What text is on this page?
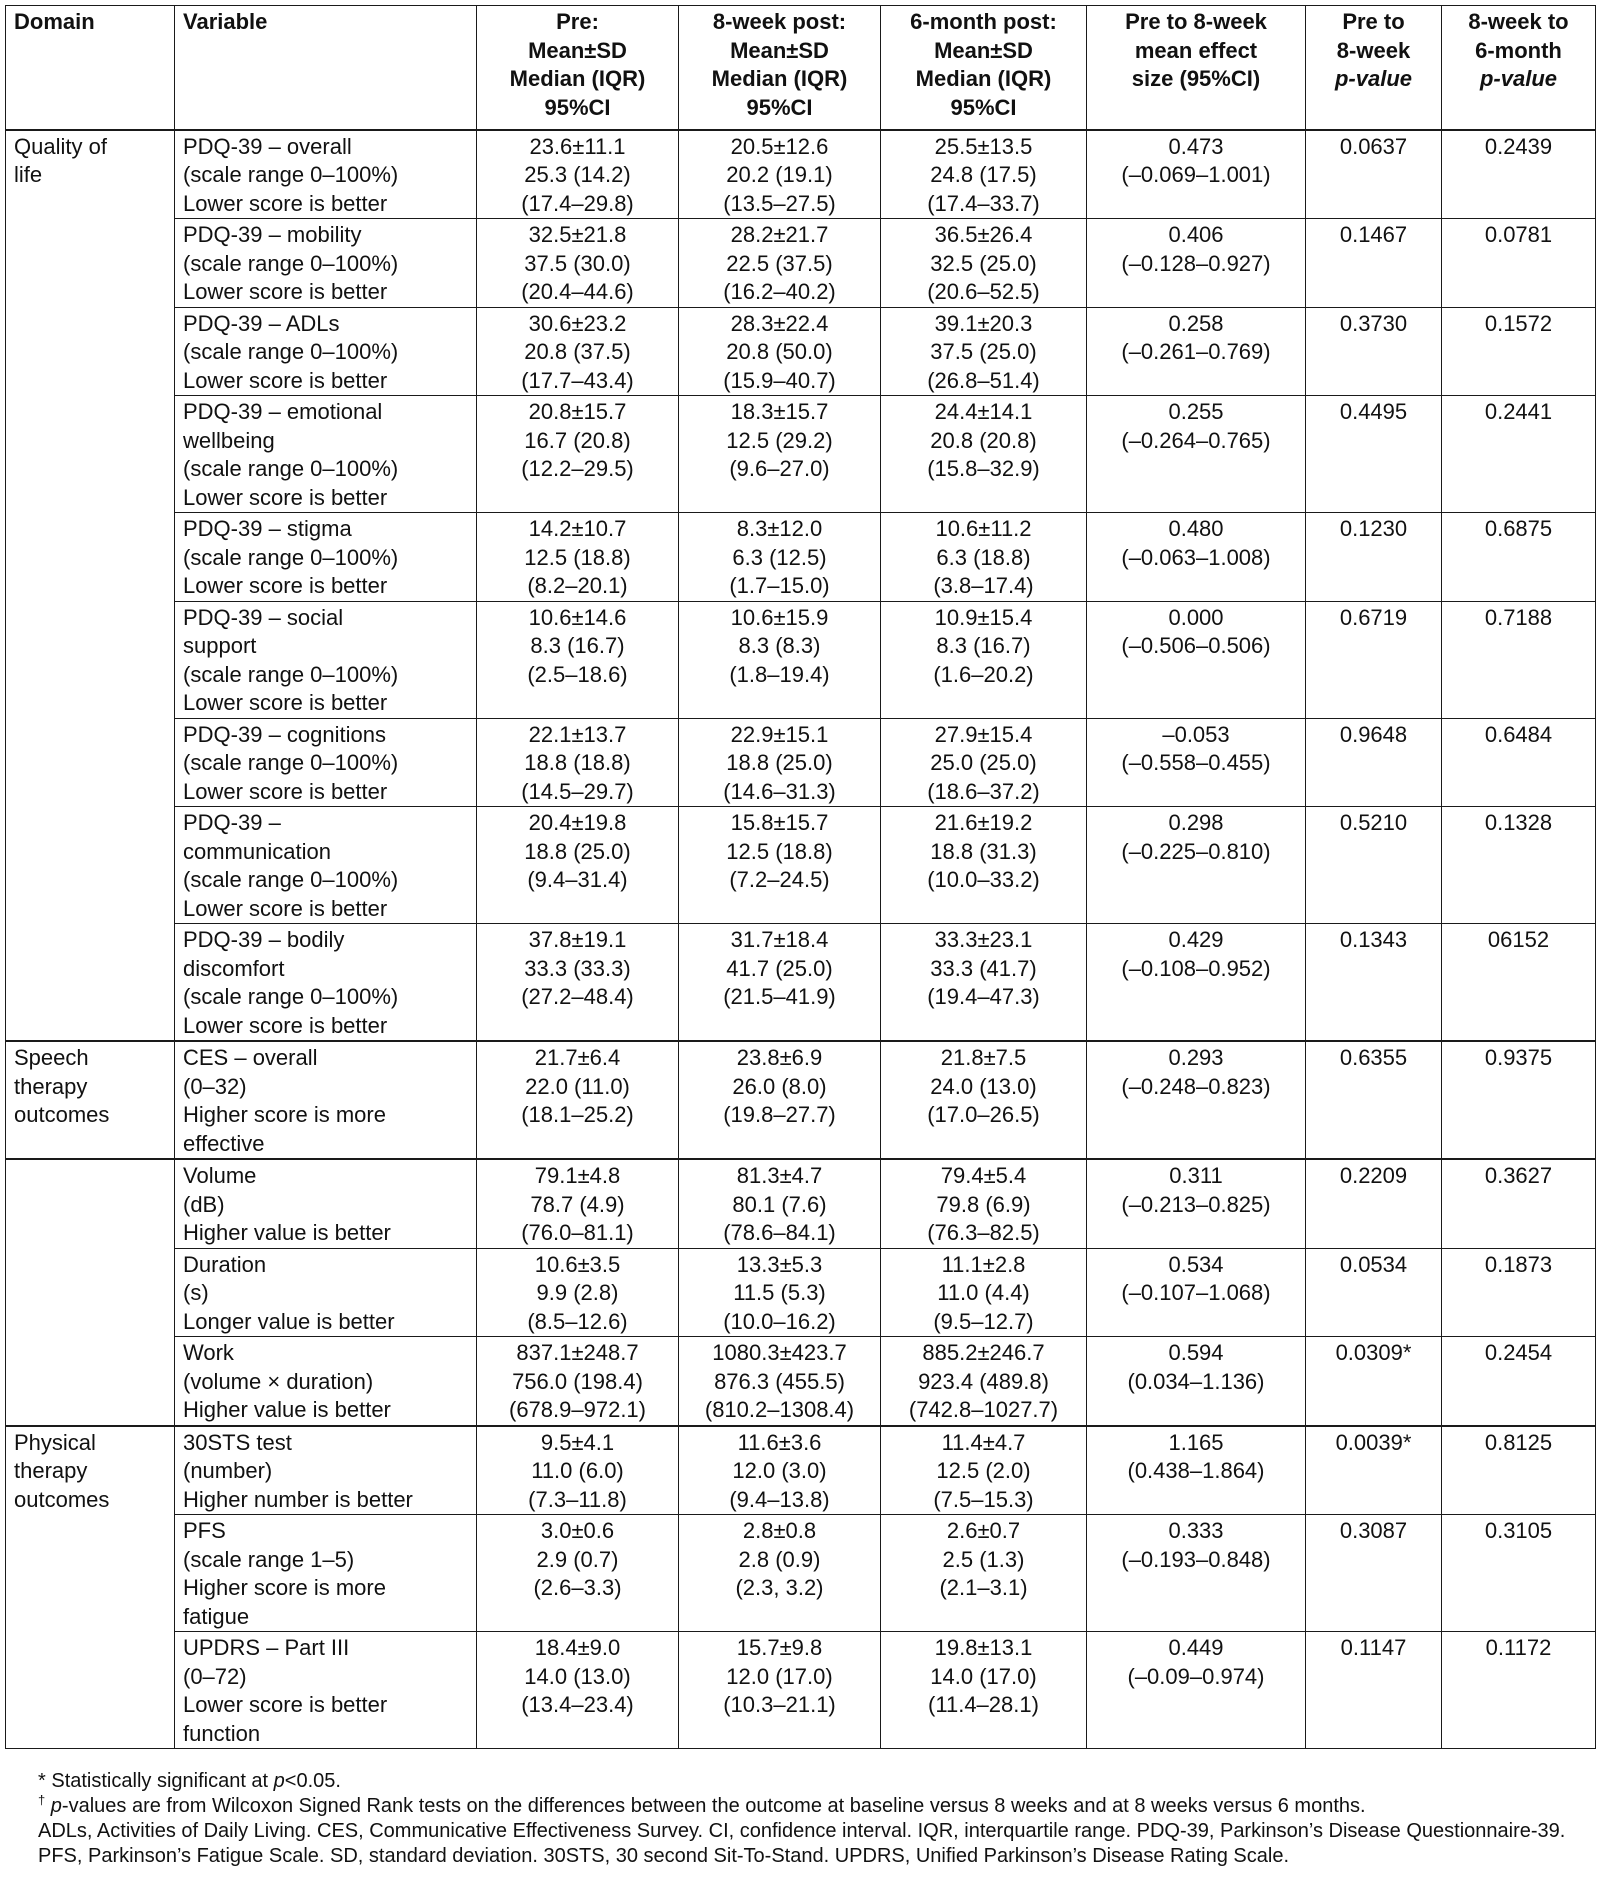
Domain	Variable	Pre:
Mean±SD
Median (IQR)
95%CI	8-week post:
Mean±SD
Median (IQR)
95%CI	6-month post:
Mean±SD
Median (IQR)
95%CI	Pre to 8-week
mean effect
size (95%CI)	Pre to
8-week
p-value	8-week to
6-month
p-value

Quality of
life	PDQ-39 – overall
(scale range 0–100%)
Lower score is better	23.6±11.1
25.3 (14.2)
(17.4–29.8)	20.5±12.6
20.2 (19.1)
(13.5–27.5)	25.5±13.5
24.8 (17.5)
(17.4–33.7)	0.473
(–0.069–1.001)	0.0637	0.2439

	PDQ-39 – mobility
(scale range 0–100%)
Lower score is better	32.5±21.8
37.5 (30.0)
(20.4–44.6)	28.2±21.7
22.5 (37.5)
(16.2–40.2)	36.5±26.4
32.5 (25.0)
(20.6–52.5)	0.406
(–0.128–0.927)	0.1467	0.0781

	PDQ-39 – ADLs
(scale range 0–100%)
Lower score is better	30.6±23.2
20.8 (37.5)
(17.7–43.4)	28.3±22.4
20.8 (50.0)
(15.9–40.7)	39.1±20.3
37.5 (25.0)
(26.8–51.4)	0.258
(–0.261–0.769)	0.3730	0.1572

	PDQ-39 – emotional
wellbeing
(scale range 0–100%)
Lower score is better	20.8±15.7
16.7 (20.8)
(12.2–29.5)	18.3±15.7
12.5 (29.2)
(9.6–27.0)	24.4±14.1
20.8 (20.8)
(15.8–32.9)	0.255
(–0.264–0.765)	0.4495	0.2441

	PDQ-39 – stigma
(scale range 0–100%)
Lower score is better	14.2±10.7
12.5 (18.8)
(8.2–20.1)	8.3±12.0
6.3 (12.5)
(1.7–15.0)	10.6±11.2
6.3 (18.8)
(3.8–17.4)	0.480
(–0.063–1.008)	0.1230	0.6875

	PDQ-39 – social
support
(scale range 0–100%)
Lower score is better	10.6±14.6
8.3 (16.7)
(2.5–18.6)	10.6±15.9
8.3 (8.3)
(1.8–19.4)	10.9±15.4
8.3 (16.7)
(1.6–20.2)	0.000
(–0.506–0.506)	0.6719	0.7188

	PDQ-39 – cognitions
(scale range 0–100%)
Lower score is better	22.1±13.7
18.8 (18.8)
(14.5–29.7)	22.9±15.1
18.8 (25.0)
(14.6–31.3)	27.9±15.4
25.0 (25.0)
(18.6–37.2)	–0.053
(–0.558–0.455)	0.9648	0.6484

	PDQ-39 –
communication
(scale range 0–100%)
Lower score is better	20.4±19.8
18.8 (25.0)
(9.4–31.4)	15.8±15.7
12.5 (18.8)
(7.2–24.5)	21.6±19.2
18.8 (31.3)
(10.0–33.2)	0.298
(–0.225–0.810)	0.5210	0.1328

	PDQ-39 – bodily
discomfort
(scale range 0–100%)
Lower score is better	37.8±19.1
33.3 (33.3)
(27.2–48.4)	31.7±18.4
41.7 (25.0)
(21.5–41.9)	33.3±23.1
33.3 (41.7)
(19.4–47.3)	0.429
(–0.108–0.952)	0.1343	06152

Speech
therapy
outcomes	CES – overall
(0–32)
Higher score is more
effective	21.7±6.4
22.0 (11.0)
(18.1–25.2)	23.8±6.9
26.0 (8.0)
(19.8–27.7)	21.8±7.5
24.0 (13.0)
(17.0–26.5)	0.293
(–0.248–0.823)	0.6355	0.9375

	Volume
(dB)
Higher value is better	79.1±4.8
78.7 (4.9)
(76.0–81.1)	81.3±4.7
80.1 (7.6)
(78.6–84.1)	79.4±5.4
79.8 (6.9)
(76.3–82.5)	0.311
(–0.213–0.825)	0.2209	0.3627

	Duration
(s)
Longer value is better	10.6±3.5
9.9 (2.8)
(8.5–12.6)	13.3±5.3
11.5 (5.3)
(10.0–16.2)	11.1±2.8
11.0 (4.4)
(9.5–12.7)	0.534
(–0.107–1.068)	0.0534	0.1873

	Work
(volume × duration)
Higher value is better	837.1±248.7
756.0 (198.4)
(678.9–972.1)	1080.3±423.7
876.3 (455.5)
(810.2–1308.4)	885.2±246.7
923.4 (489.8)
(742.8–1027.7)	0.594
(0.034–1.136)	0.0309*	0.2454

Physical
therapy
outcomes	30STS test
(number)
Higher number is better	9.5±4.1
11.0 (6.0)
(7.3–11.8)	11.6±3.6
12.0 (3.0)
(9.4–13.8)	11.4±4.7
12.5 (2.0)
(7.5–15.3)	1.165
(0.438–1.864)	0.0039*	0.8125

	PFS
(scale range 1–5)
Higher score is more
fatigue	3.0±0.6
2.9 (0.7)
(2.6–3.3)	2.8±0.8
2.8 (0.9)
(2.3, 3.2)	2.6±0.7
2.5 (1.3)
(2.1–3.1)	0.333
(–0.193–0.848)	0.3087	0.3105

	UPDRS – Part III
(0–72)
Lower score is better
function	18.4±9.0
14.0 (13.0)
(13.4–23.4)	15.7±9.8
12.0 (17.0)
(10.3–21.1)	19.8±13.1
14.0 (17.0)
(11.4–28.1)	0.449
(–0.09–0.974)	0.1147	0.1172

* Statistically significant at p<0.05.

† p-values are from Wilcoxon Signed Rank tests on the differences between the outcome at baseline versus 8 weeks and at 8 weeks versus 6 months.

ADLs, Activities of Daily Living. CES, Communicative Effectiveness Survey. CI, confidence interval. IQR, interquartile range. PDQ-39, Parkinson’s Disease Questionnaire-39. PFS, Parkinson’s Fatigue Scale. SD, standard deviation. 30STS, 30 second Sit-To-Stand. UPDRS, Unified Parkinson’s Disease Rating Scale.
